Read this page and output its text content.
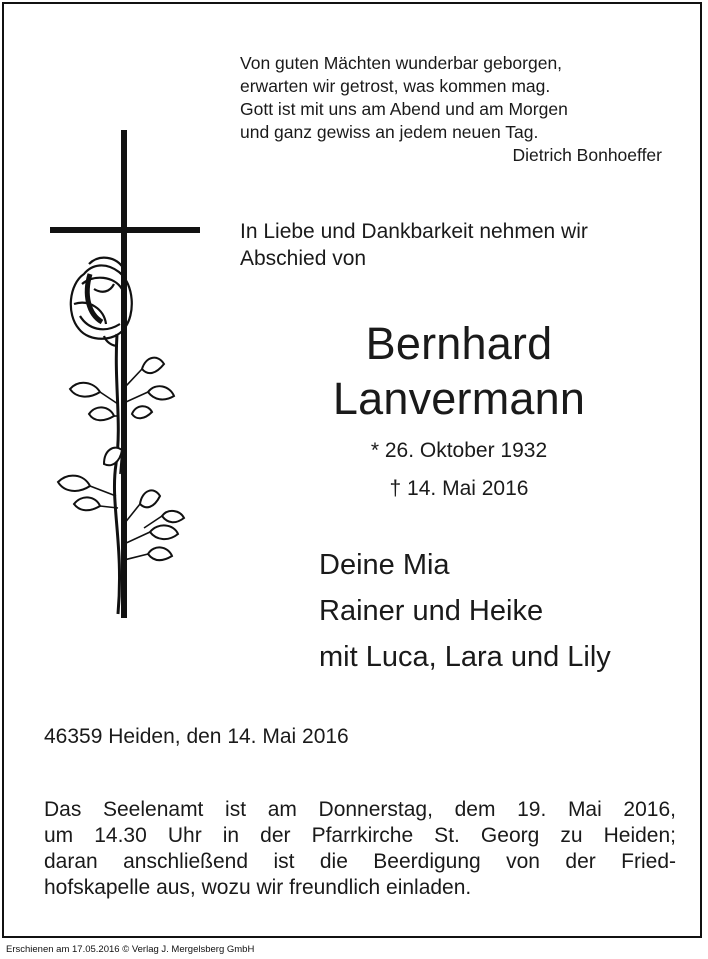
Von guten Mächten wunderbar geborgen,
erwarten wir getrost, was kommen mag.
Gott ist mit uns am Abend und am Morgen
und ganz gewiss an jedem neuen Tag.
Dietrich Bonhoeffer
In Liebe und Dankbarkeit nehmen wir
Abschied von
Bernhard
Lanvermann
* 26. Oktober 1932
† 14. Mai 2016
Deine Mia
Rainer und Heike
mit Luca, Lara und Lily
46359 Heiden, den 14. Mai 2016
Das Seelenamt ist am Donnerstag, dem 19. Mai 2016,
um 14.30 Uhr in der Pfarrkirche St. Georg zu Heiden;
daran anschließend ist die Beerdigung von der Fried-
hofskapelle aus, wozu wir freundlich einladen.
Erschienen am 17.05.2016 © Verlag J. Mergelsberg GmbH
